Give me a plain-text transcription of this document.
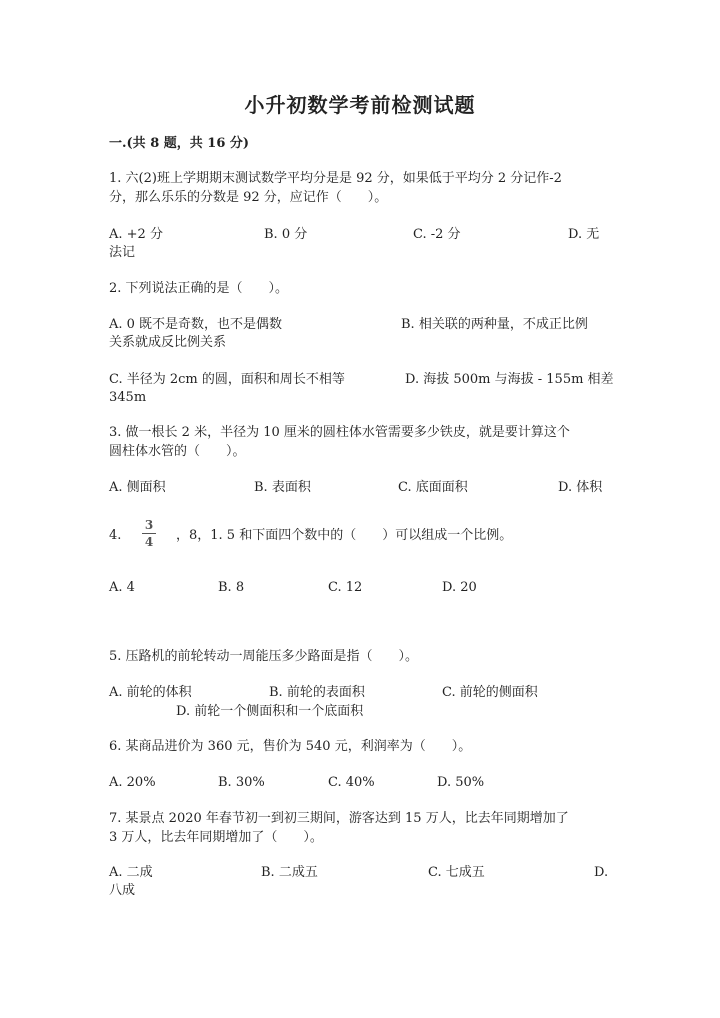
小升初数学考前检测试题
一.(共 8 题，共 16 分)
1. 六(2)班上学期期末测试数学平均分是是 92 分，如果低于平均分 2 分记作-2
分，那么乐乐的分数是 92 分，应记作（　　）。
A. +2 分	B. 0 分	C. -2 分	D. 无
法记
2. 下列说法正确的是（　　）。
A. 0 既不是奇数，也不是偶数	B. 相关联的两种量，不成正比例
关系就成反比例关系
C. 半径为 2cm 的圆，面积和周长不相等	D. 海拔 500m 与海拔 - 155m 相差
345m
3. 做一根长 2 米，半径为 10 厘米的圆柱体水管需要多少铁皮，就是要计算这个
圆柱体水管的（　　）。
A. 侧面积	B. 表面积	C. 底面面积	D. 体积
4.
3
4 ，8，1. 5 和下面四个数中的（　　）可以组成一个比例。
A. 4	B. 8	C. 12	D. 20
5. 压路机的前轮转动一周能压多少路面是指（　　）。
A. 前轮的体积	B. 前轮的表面积	C. 前轮的侧面积
D. 前轮一个侧面积和一个底面积
6. 某商品进价为 360 元，售价为 540 元，利润率为（　　）。
A. 20%	B. 30%	C. 40%	D. 50%
7. 某景点 2020 年春节初一到初三期间，游客达到 15 万人，比去年同期增加了
3 万人，比去年同期增加了（　　）。
A. 二成	B. 二成五	C. 七成五	D.
八成
